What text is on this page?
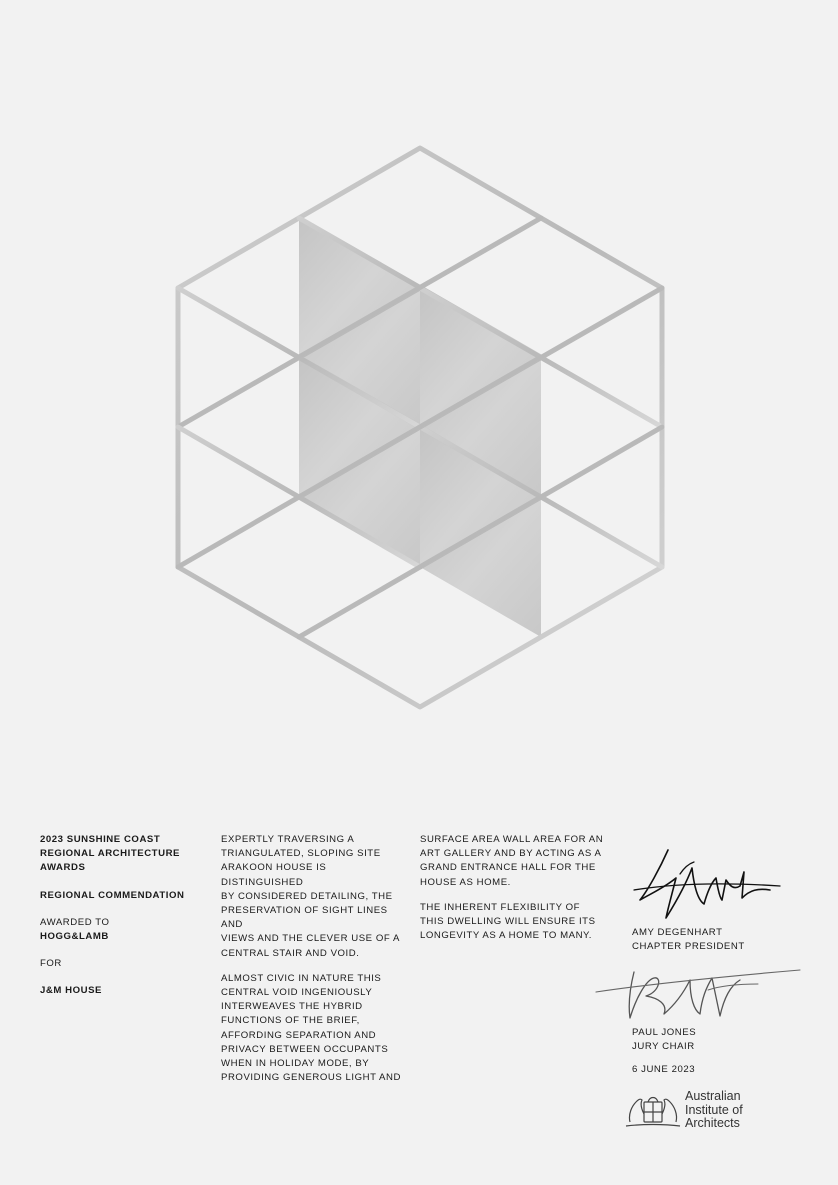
2023 SUNSHINE COAST
REGIONAL ARCHITECTURE
AWARDS
REGIONAL COMMENDATION
AWARDED TO
HOGG&LAMB
FOR
J&M HOUSE

EXPERTLY TRAVERSING A
TRIANGULATED, SLOPING SITE
ARAKOON HOUSE IS DISTINGUISHED
BY CONSIDERED DETAILING, THE
PRESERVATION OF SIGHT LINES AND
VIEWS AND THE CLEVER USE OF A
CENTRAL STAIR AND VOID.

ALMOST CIVIC IN NATURE THIS
CENTRAL VOID INGENIOUSLY
INTERWEAVES THE HYBRID
FUNCTIONS OF THE BRIEF,
AFFORDING SEPARATION AND
PRIVACY BETWEEN OCCUPANTS
WHEN IN HOLIDAY MODE, BY
PROVIDING GENEROUS LIGHT AND

SURFACE AREA WALL AREA FOR AN
ART GALLERY AND BY ACTING AS A
GRAND ENTRANCE HALL FOR THE
HOUSE AS HOME.

THE INHERENT FLEXIBILITY OF
THIS DWELLING WILL ENSURE ITS
LONGEVITY AS A HOME TO MANY.	AMY DEGENHART
CHAPTER PRESIDENT
PAUL JONES
JURY CHAIR
6 JUNE 2023
Australian
Institute of
Architects
